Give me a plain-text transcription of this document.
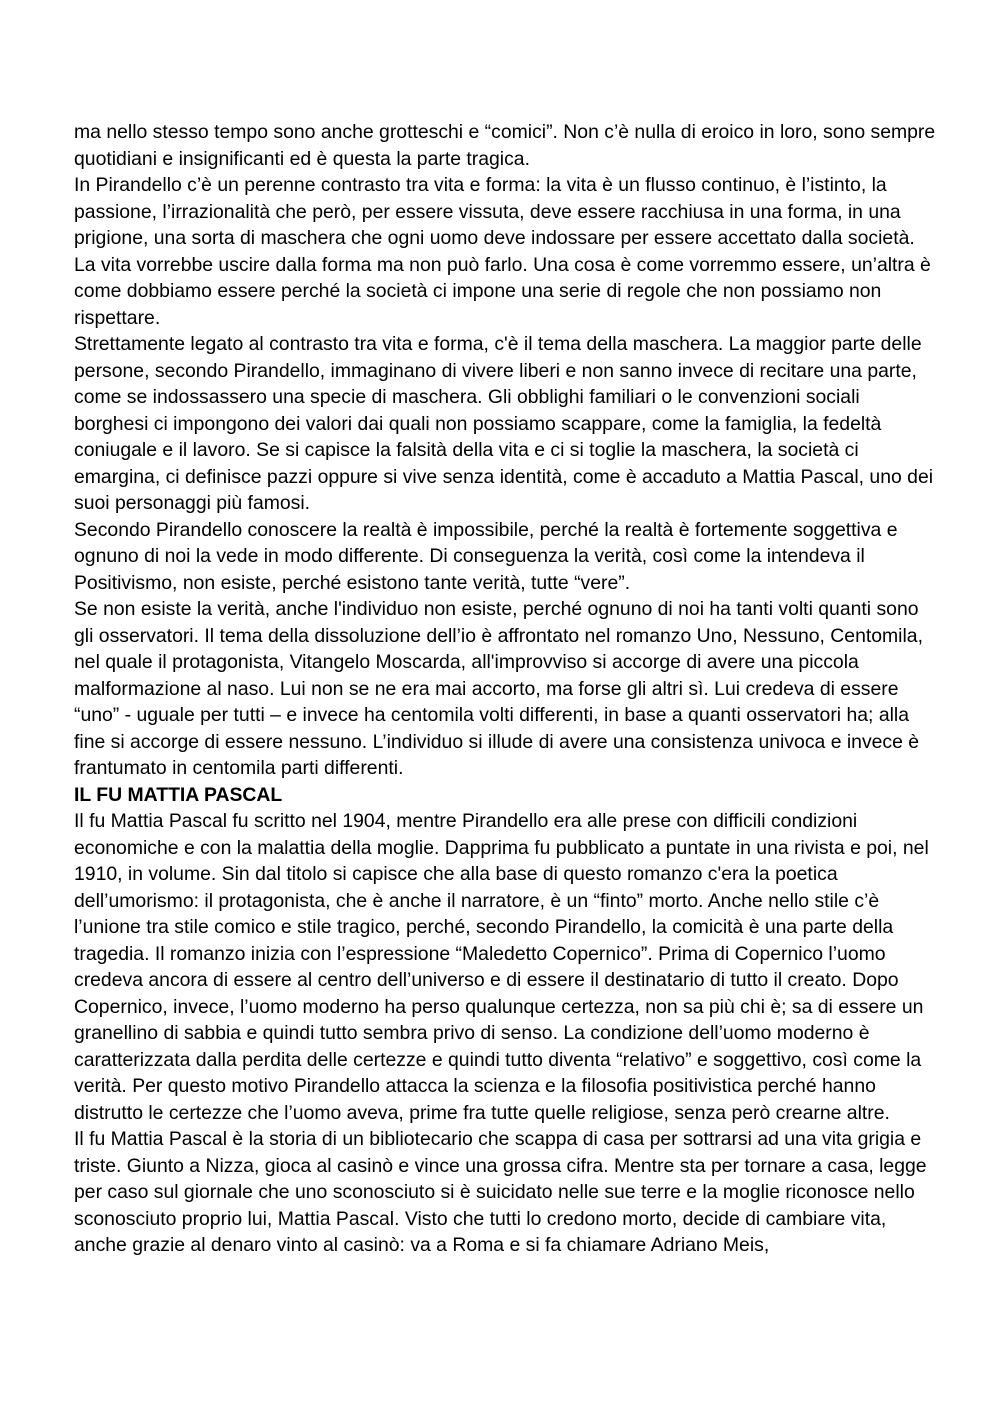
ma nello stesso tempo sono anche grotteschi e “comici”. Non c’è nulla di eroico in loro, sono sempre quotidiani e insignificanti ed è questa la parte tragica.

In Pirandello c’è un perenne contrasto tra vita e forma: la vita è un flusso continuo, è l’istinto, la passione, l’irrazionalità che però, per essere vissuta, deve essere racchiusa in una forma, in una prigione, una sorta di maschera che ogni uomo deve indossare per essere accettato dalla società. La vita vorrebbe uscire dalla forma ma non può farlo. Una cosa è come vorremmo essere, un’altra è come dobbiamo essere perché la società ci impone una serie di regole che non possiamo non rispettare.

Strettamente legato al contrasto tra vita e forma, c'è il tema della maschera. La maggior parte delle persone, secondo Pirandello, immaginano di vivere liberi e non sanno invece di recitare una parte, come se indossassero una specie di maschera. Gli obblighi familiari o le convenzioni sociali borghesi ci impongono dei valori dai quali non possiamo scappare, come la famiglia, la fedeltà coniugale e il lavoro. Se si capisce la falsità della vita e ci si toglie la maschera, la società ci emargina, ci definisce pazzi oppure si vive senza identità, come è accaduto a Mattia Pascal, uno dei suoi personaggi più famosi.

Secondo Pirandello conoscere la realtà è impossibile, perché la realtà è fortemente soggettiva e ognuno di noi la vede in modo differente. Di conseguenza la verità, così come la intendeva il Positivismo, non esiste, perché esistono tante verità, tutte “vere”.

Se non esiste la verità, anche l'individuo non esiste, perché ognuno di noi ha tanti volti quanti sono gli osservatori. Il tema della dissoluzione dell’io è affrontato nel romanzo Uno, Nessuno, Centomila, nel quale il protagonista, Vitangelo Moscarda, all'improvviso si accorge di avere una piccola malformazione al naso. Lui non se ne era mai accorto, ma forse gli altri sì. Lui credeva di essere “uno” - uguale per tutti – e invece ha centomila volti differenti, in base a quanti osservatori ha; alla fine si accorge di essere nessuno. L’individuo si illude di avere una consistenza univoca e invece è frantumato in centomila parti differenti.

IL FU MATTIA PASCAL

Il fu Mattia Pascal fu scritto nel 1904, mentre Pirandello era alle prese con difficili condizioni economiche e con la malattia della moglie. Dapprima fu pubblicato a puntate in una rivista e poi, nel 1910, in volume. Sin dal titolo si capisce che alla base di questo romanzo c'era la poetica dell’umorismo: il protagonista, che è anche il narratore, è un “finto” morto. Anche nello stile c’è l’unione tra stile comico e stile tragico, perché, secondo Pirandello, la comicità è una parte della tragedia. Il romanzo inizia con l’espressione “Maledetto Copernico”. Prima di Copernico l’uomo credeva ancora di essere al centro dell’universo e di essere il destinatario di tutto il creato. Dopo Copernico, invece, l’uomo moderno ha perso qualunque certezza, non sa più chi è; sa di essere un granellino di sabbia e quindi tutto sembra privo di senso. La condizione dell’uomo moderno è caratterizzata dalla perdita delle certezze e quindi tutto diventa “relativo” e soggettivo, così come la verità. Per questo motivo Pirandello attacca la scienza e la filosofia positivistica perché hanno distrutto le certezze che l’uomo aveva, prime fra tutte quelle religiose, senza però crearne altre.

Il fu Mattia Pascal è la storia di un bibliotecario che scappa di casa per sottrarsi ad una vita grigia e triste. Giunto a Nizza, gioca al casinò e vince una grossa cifra. Mentre sta per tornare a casa, legge per caso sul giornale che uno sconosciuto si è suicidato nelle sue terre e la moglie riconosce nello sconosciuto proprio lui, Mattia Pascal. Visto che tutti lo credono morto, decide di cambiare vita, anche grazie al denaro vinto al casinò: va a Roma e si fa chiamare Adriano Meis,
